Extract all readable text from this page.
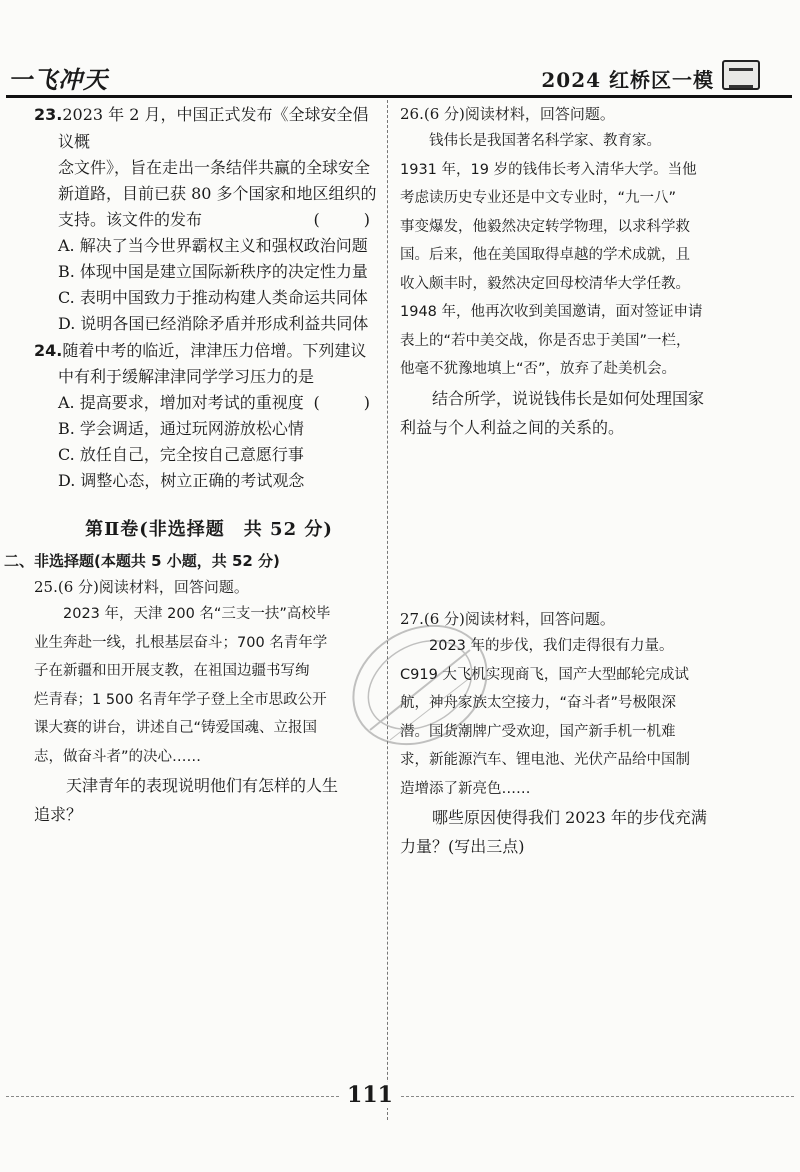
一飞冲天	2024 红桥区一模

23.2023 年 2 月，中国正式发布《全球安全倡议概

念文件》，旨在走出一条结伴共赢的全球安全

新道路，目前已获 80 多个国家和地区组织的

支持。该文件的发布	(　)

A. 解决了当今世界霸权主义和强权政治问题

B. 体现中国是建立国际新秩序的决定性力量

C. 表明中国致力于推动构建人类命运共同体

D. 说明各国已经消除矛盾并形成利益共同体

24.随着中考的临近，津津压力倍增。下列建议

中有利于缓解津津同学学习压力的是
(　)

A. 提高要求，增加对考试的重视度

B. 学会调适，通过玩网游放松心情

C. 放任自己，完全按自己意愿行事

D. 调整心态，树立正确的考试观念

第Ⅱ卷(非选择题　共 52 分)

二、非选择题(本题共 5 小题，共 52 分)

25.(6 分)阅读材料，回答问题。

2023 年，天津 200 名“三支一扶”高校毕

业生奔赴一线，扎根基层奋斗；700 名青年学

子在新疆和田开展支教，在祖国边疆书写绚

烂青春；1 500 名青年学子登上全市思政公开

课大赛的讲台，讲述自己“铸爱国魂、立报国

志，做奋斗者”的决心……

天津青年的表现说明他们有怎样的人生

追求？

26.(6 分)阅读材料，回答问题。

钱伟长是我国著名科学家、教育家。

1931 年，19 岁的钱伟长考入清华大学。当他

考虑读历史专业还是中文专业时，“九一八”

事变爆发，他毅然决定转学物理，以求科学救

国。后来，他在美国取得卓越的学术成就，且

收入颇丰时，毅然决定回母校清华大学任教。

1948 年，他再次收到美国邀请，面对签证申请

表上的“若中美交战，你是否忠于美国”一栏，

他毫不犹豫地填上“否”，放弃了赴美机会。

结合所学，说说钱伟长是如何处理国家

利益与个人利益之间的关系的。

27.(6 分)阅读材料，回答问题。

2023 年的步伐，我们走得很有力量。

C919 大飞机实现商飞，国产大型邮轮完成试

航，神舟家族太空接力，“奋斗者”号极限深

潜。国货潮牌广受欢迎，国产新手机一机难

求，新能源汽车、锂电池、光伏产品给中国制

造增添了新亮色……

哪些原因使得我们 2023 年的步伐充满

力量？(写出三点)

111
